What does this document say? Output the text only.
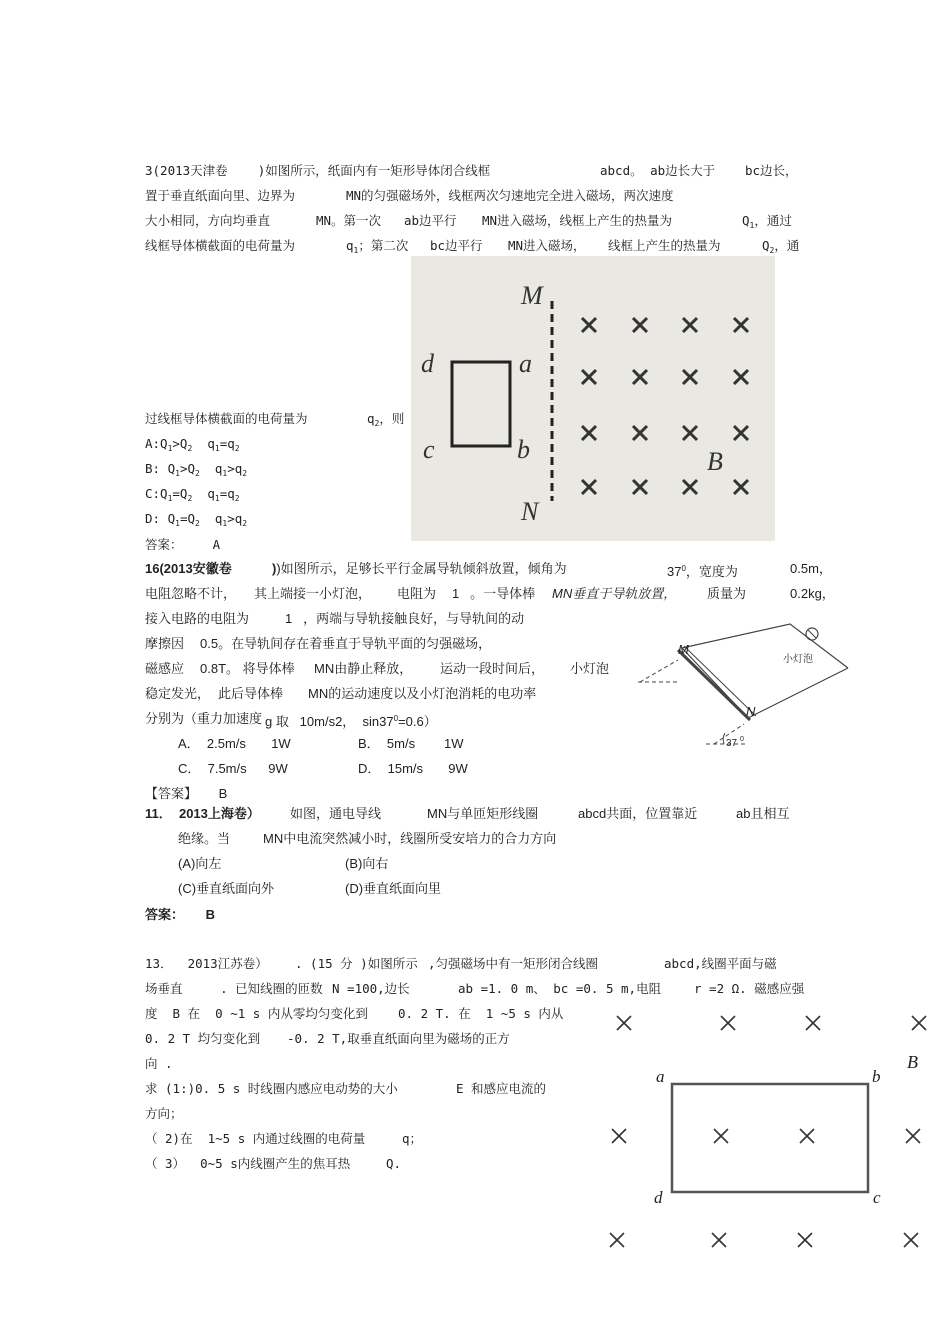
3(2013天津卷    )如图所示，纸面内有一矩形导体闭合线框	abcd。 ab边长大于 bc边长，
置于垂直纸面向里、边界为	MN的匀强磁场外，线框两次匀速地完全进入磁场，两次速度
大小相同，方向均垂直	MN。第一次 ab边平行 MN进入磁场，线框上产生的热量为	$Q_1$，通过
线框导体横截面的电荷量为	$q_1$；第二次 bc边平行 MN进入磁场， 线框上产生的热量为	$Q_2$，通
M
N
d	a
c	b	B
过线框导体横截面的电荷量为	$q_2$，则
$A:Q_1>Q_2$  $q_1=q_2$
B: $Q_1>Q_2$  $q_1>q_2$
$C:Q_1=Q_2$  $q_1=q_2$
D: $Q_1=Q_2$  $q_1>q_2$
答案：    A
16(2013安徽卷	))如图所示，足够长平行金属导轨倾斜放置，倾角为	$37^0$，宽度为	0.5m，
电阻忽略不计， 其上端接一小灯泡， 电阻为 1   。一导体棒 MN垂直于导轨放置， 质量为	0.2kg，
接入电路的电阻为	1   ，两端与导轨接触良好，与导轨间的动
摩擦因 0.5。在导轨间存在着垂直于导轨平面的匀强磁场，
磁感应 0.8T。 将导体棒 MN由静止释放， 运动一段时间后， 小灯泡
稳定发光， 此后导体棒 MN的运动速度以及小灯泡消耗的电功率
分别为（重力加速度 g 取   10m/s2，  $\sin 37^0=0.6$）
A．  2.5m/s       1W	B．  5m/s        1W
C．  7.5m/s      9W	D．  15m/s       9W
【答案】      B
M
N
小灯泡
37 0
11．  2013上海卷） 如图，通电导线	MN与单匝矩形线圈	abcd共面，位置靠近	ab且相互
绝缘。当	MN中电流突然减小时，线圈所受安培力的合力方向
(A)向左	(B)向右
(C)垂直纸面向外	(D)垂直纸面向里
答案：      B
13．  2013江苏卷） . (15 分 )如图所示 ,匀强磁场中有一矩形闭合线圈	abcd,线圈平面与磁
场垂直     . 已知线圈的匝数 N =100,边长	ab =1. 0 m、 bc =0. 5 m,电阻	r =2 Ω. 磁感应强
度  B 在  0 ~1 s 内从零均匀变化到 0. 2 T. 在  1 ~5 s 内从
0. 2 T 均匀变化到 -0. 2 T,取垂直纸面向里为磁场的正方
向 .
求 (1:)0. 5 s 时线圈内感应电动势的大小	E 和感应电流的
方向；
（ 2)在  1~5 s 内通过线圈的电荷量	q；
（ 3）  0~5 s内线圈产生的焦耳热	Q.
a	b
d	c
B
